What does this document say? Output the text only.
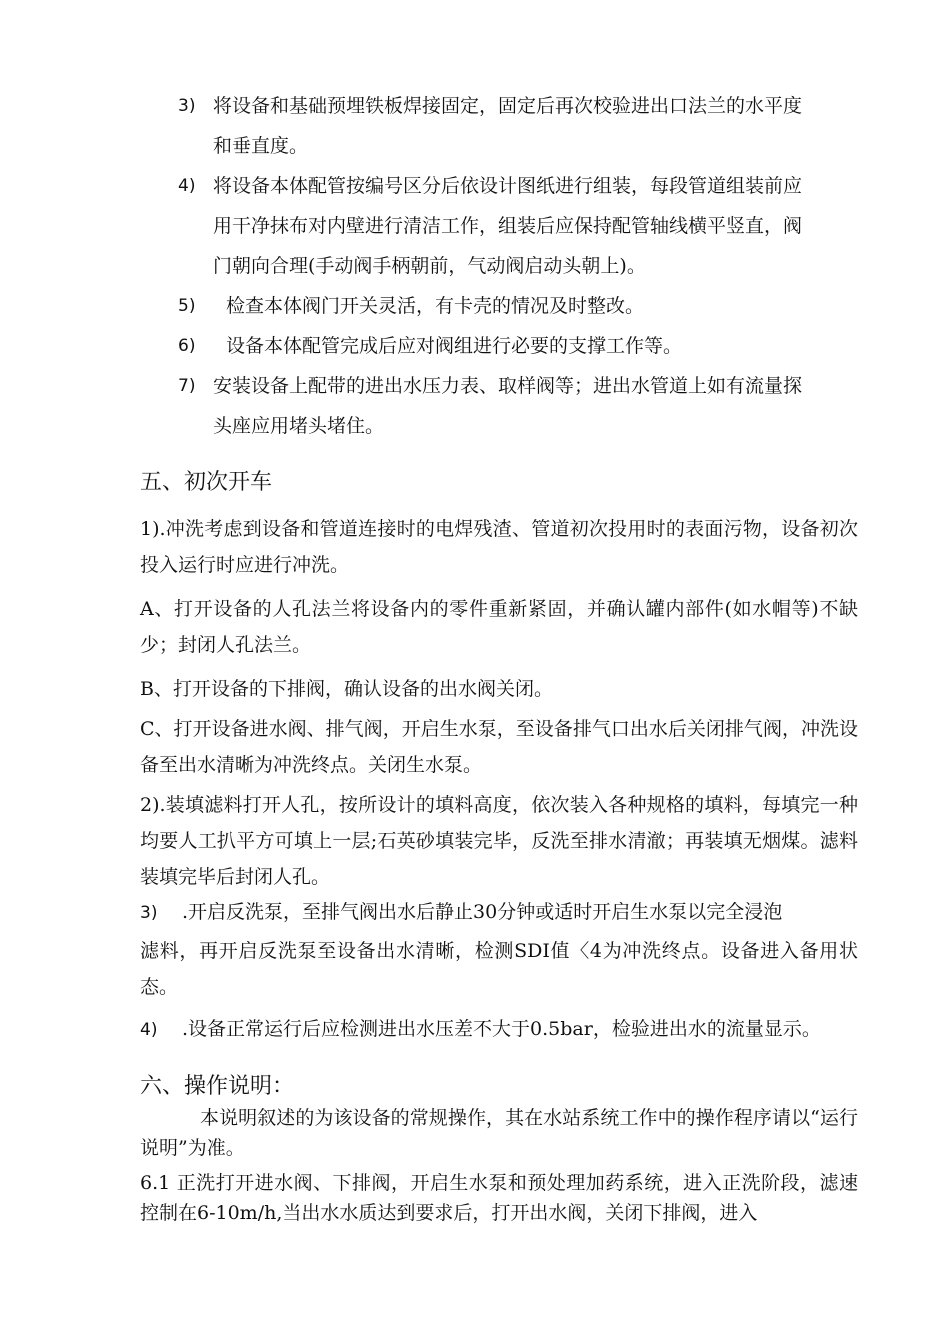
3) 将设备和基础预埋铁板焊接固定，固定后再次校验进出口法兰的水平度
和垂直度。
4) 将设备本体配管按编号区分后依设计图纸进行组装，每段管道组装前应
用干净抹布对内壁进行清洁工作，组装后应保持配管轴线横平竖直，阀
门朝向合理(手动阀手柄朝前，气动阀启动头朝上)。
5) 检查本体阀门开关灵活，有卡壳的情况及时整改。
6) 设备本体配管完成后应对阀组进行必要的支撑工作等。
7) 安装设备上配带的进出水压力表、取样阀等；进出水管道上如有流量探
头座应用堵头堵住。
五、初次开车
1).冲洗考虑到设备和管道连接时的电焊残渣、管道初次投用时的表面污物，设备初次投入运行时应进行冲洗。
A、打开设备的人孔法兰将设备内的零件重新紧固，并确认罐内部件(如水帽等)不缺少；封闭人孔法兰。
B、打开设备的下排阀，确认设备的出水阀关闭。
C、打开设备进水阀、排气阀，开启生水泵，至设备排气口出水后关闭排气阀，冲洗设备至出水清晰为冲洗终点。关闭生水泵。
2).装填滤料打开人孔，按所设计的填料高度，依次装入各种规格的填料，每填完一种均要人工扒平方可填上一层;石英砂填装完毕，反洗至排水清澈；再装填无烟煤。滤料装填完毕后封闭人孔。
3) .开启反洗泵，至排气阀出水后静止30分钟或适时开启生水泵以完全浸泡
滤料，再开启反洗泵至设备出水清晰，检测SDI值〈4为冲洗终点。设备进入备用状态。
4) .设备正常运行后应检测进出水压差不大于0.5bar，检验进出水的流量显示。
六、操作说明：
本说明叙述的为该设备的常规操作，其在水站系统工作中的操作程序请以“运行说明”为准。
6.1 正洗打开进水阀、下排阀，开启生水泵和预处理加药系统，进入正洗阶段，滤速控制在6-10m/h,当出水水质达到要求后，打开出水阀，关闭下排阀，进入
